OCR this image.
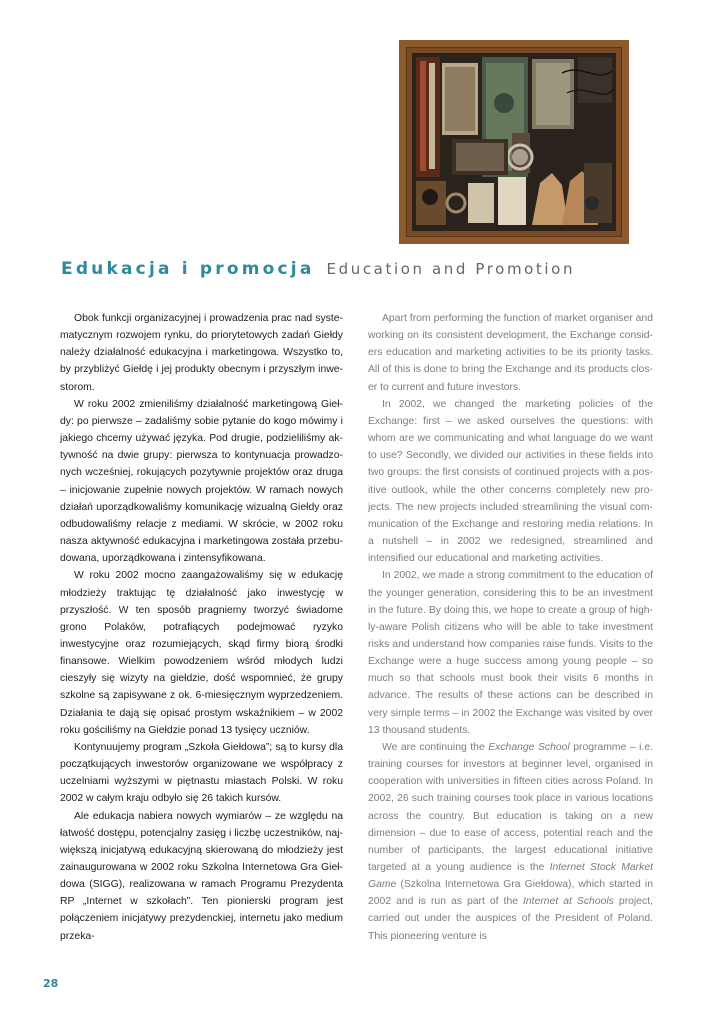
Edukacja i promocja Education and Promotion

Obok funkcji organizacyjnej i prowadzenia prac nad systematycznym rozwojem rynku, do priorytetowych zadań Giełdy należy działalność edukacyjna i marketingowa. Wszystko to, by przybliżyć Giełdę i jej produkty obecnym i przyszłym inwestorom.

W roku 2002 zmieniliśmy działalność marketingową Giełdy: po pierwsze – zadaliśmy sobie pytanie do kogo mówimy i jakiego chcemy używać języka. Pod drugie, podzieliliśmy aktywność na dwie grupy: pierwsza to kontynuacja prowadzonych wcześniej, rokujących pozytywnie projektów oraz druga – inicjowanie zupełnie nowych projektów. W ramach nowych działań uporządkowaliśmy komunikację wizualną Giełdy oraz odbudowaliśmy relacje z mediami. W skrócie, w 2002 roku nasza aktywność edukacyjna i marketingowa została przebudowana, uporządkowana i zintensyfikowana.

W roku 2002 mocno zaangażowaliśmy się w edukację młodzieży traktując tę działalność jako inwestycję w przyszłość. W ten sposób pragniemy tworzyć świadome grono Polaków, potrafiących podejmować ryzyko inwestycyjne oraz rozumiejących, skąd firmy biorą środki finansowe. Wielkim powodzeniem wśród młodych ludzi cieszyły się wizyty na giełdzie, dość wspomnieć, że grupy szkolne są zapisywane z ok. 6-miesięcznym wyprzedzeniem. Działania te dają się opisać prostym wskaźnikiem – w 2002 roku gościliśmy na Giełdzie ponad 13 tysięcy uczniów.

Kontynuujemy program „Szkoła Giełdowa”; są to kursy dla początkujących inwestorów organizowane we współpracy z uczelniami wyższymi w piętnastu miastach Polski. W roku 2002 w całym kraju odbyło się 26 takich kursów.

Ale edukacja nabiera nowych wymiarów – ze względu na łatwość dostępu, potencjalny zasięg i liczbę uczestników, największą inicjatywą edukacyjną skierowaną do młodzieży jest zainaugurowana w 2002 roku Szkolna Internetowa Gra Giełdowa (SIGG), realizowana w ramach Programu Prezydenta RP „Internet w szkołach”. Ten pionierski program jest połączeniem inicjatywy prezydenckiej, internetu jako medium przeka-

Apart from performing the function of market organiser and working on its consistent development, the Exchange considers education and marketing activities to be its priority tasks. All of this is done to bring the Exchange and its products closer to current and future investors.

In 2002, we changed the marketing policies of the Exchange: first – we asked ourselves the questions: with whom are we communicating and what language do we want to use? Secondly, we divided our activities in these fields into two groups: the first consists of continued projects with a positive outlook, while the other concerns completely new projects. The new projects included streamlining the visual communication of the Exchange and restoring media relations. In a nutshell – in 2002 we redesigned, streamlined and intensified our educational and marketing activities.

In 2002, we made a strong commitment to the education of the younger generation, considering this to be an investment in the future. By doing this, we hope to create a group of highly-aware Polish citizens who will be able to take investment risks and understand how companies raise funds. Visits to the Exchange were a huge success among young people – so much so that schools must book their visits 6 months in advance. The results of these actions can be described in very simple terms – in 2002 the Exchange was visited by over 13 thousand students.

We are continuing the Exchange School programme – i.e. training courses for investors at beginner level, organised in cooperation with universities in fifteen cities across Poland. In 2002, 26 such training courses took place in various locations across the country. But education is taking on a new dimension – due to ease of access, potential reach and the number of participants, the largest educational initiative targeted at a young audience is the Internet Stock Market Game (Szkolna Internetowa Gra Giełdowa), which started in 2002 and is run as part of the Internet at Schools project, carried out under the auspices of the President of Poland. This pioneering venture is

28
